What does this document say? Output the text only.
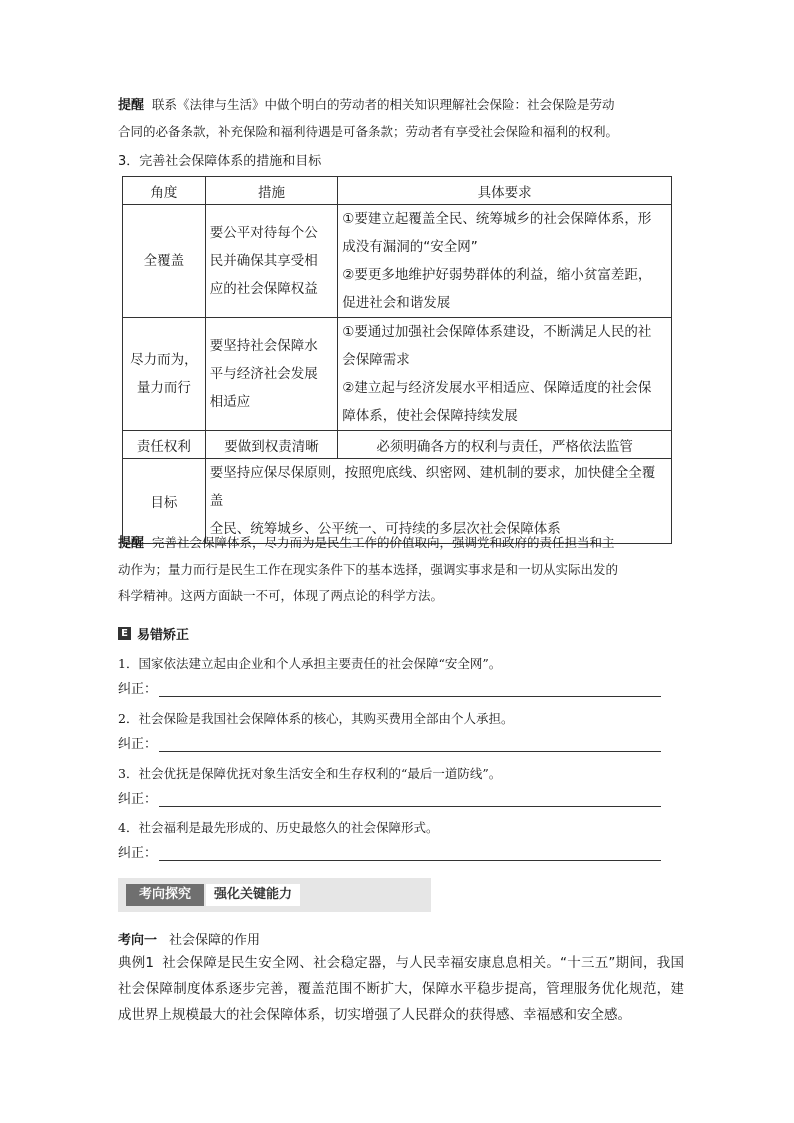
提醒 联系《法律与生活》中做个明白的劳动者的相关知识理解社会保险：社会保险是劳动
合同的必备条款，补充保险和福利待遇是可备条款；劳动者有享受社会保险和福利的权利。
3．完善社会保障体系的措施和目标
角度	措施	具体要求

全覆盖	要公平对待每个公
民并确保其享受相
应的社会保障权益	①要建立起覆盖全民、统筹城乡的社会保障体系，形
成没有漏洞的“安全网”
②要更多地维护好弱势群体的利益，缩小贫富差距，
促进社会和谐发展

尽力而为，
量力而行	要坚持社会保障水
平与经济社会发展
相适应	①要通过加强社会保障体系建设，不断满足人民的社
会保障需求
②建立起与经济发展水平相适应、保障适度的社会保
障体系，使社会保障持续发展

责任权利	要做到权责清晰	必须明确各方的权利与责任，严格依法监管
目标	要坚持应保尽保原则，按照兜底线、织密网、建机制的要求，加快健全全覆盖
全民、统筹城乡、公平统一、可持续的多层次社会保障体系	
提醒 完善社会保障体系，尽力而为是民生工作的价值取向，强调党和政府的责任担当和主
动作为；量力而行是民生工作在现实条件下的基本选择，强调实事求是和一切从实际出发的
科学精神。这两方面缺一不可，体现了两点论的科学方法。
E 易错矫正
1．国家依法建立起由企业和个人承担主要责任的社会保障“安全网”。
纠正：
2．社会保险是我国社会保障体系的核心，其购买费用全部由个人承担。
纠正：
3．社会优抚是保障优抚对象生活安全和生存权利的“最后一道防线”。
纠正：
4．社会福利是最先形成的、历史最悠久的社会保障形式。
纠正：
考向探究	强化关键能力
考向一 社会保障的作用
典例1 社会保障是民生安全网、社会稳定器，与人民幸福安康息息相关。“十三五”期间，我国社会保障制度体系逐步完善，覆盖范围不断扩大，保障水平稳步提高，管理服务优化规范，建成世界上规模最大的社会保障体系，切实增强了人民群众的获得感、幸福感和安全感。
